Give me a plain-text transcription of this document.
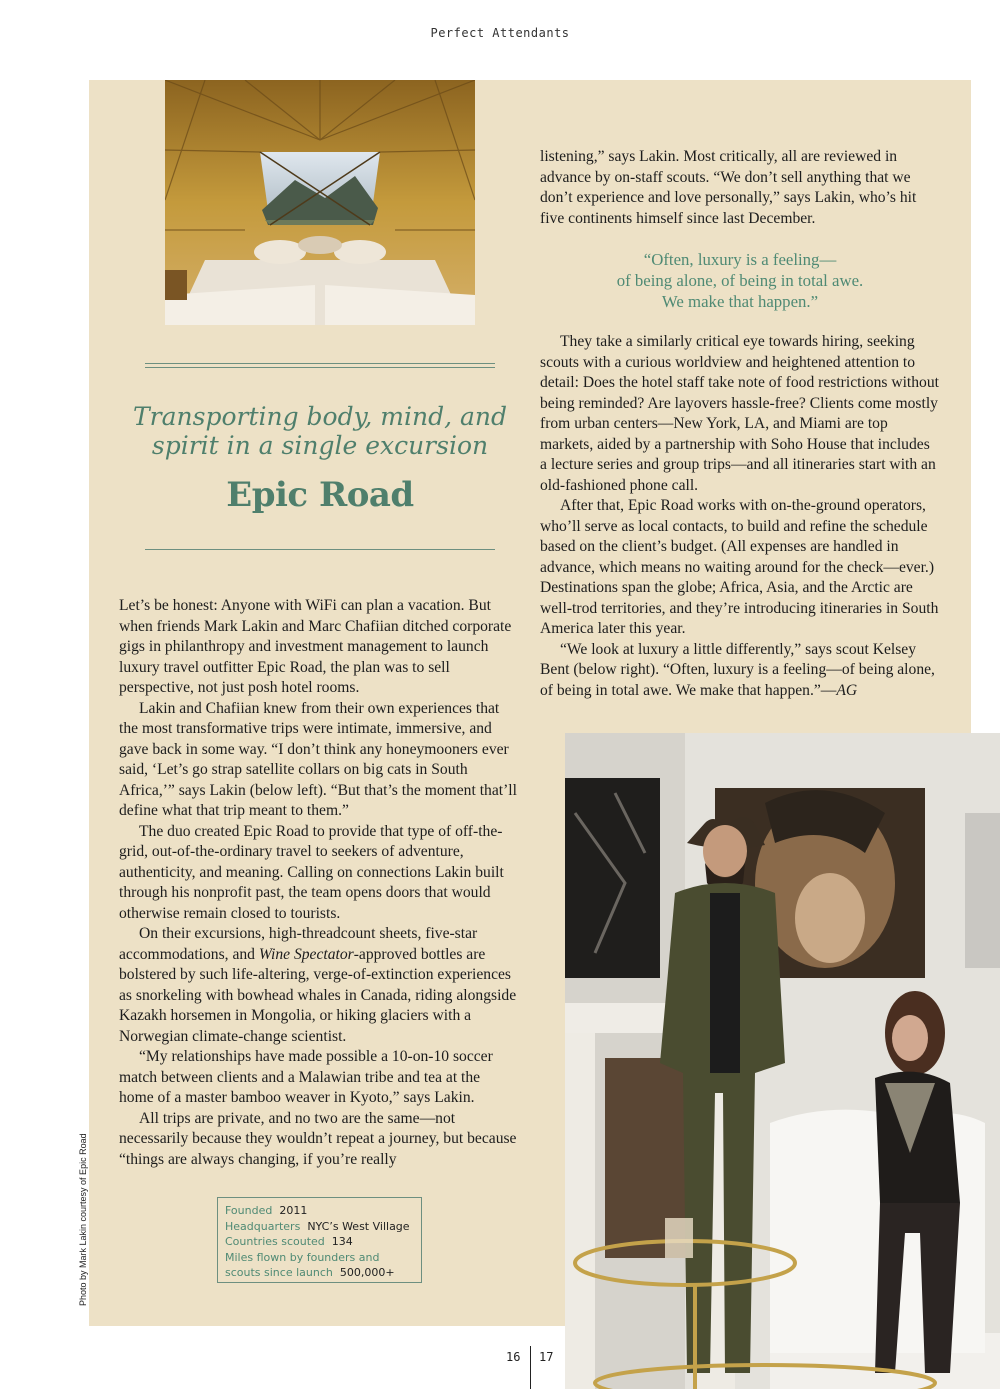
Perfect Attendants
Transporting body, mind, and spirit in a single excursion
Epic Road

Let’s be honest: Anyone with WiFi can plan a vacation. But when friends Mark Lakin and Marc Chafiian ditched corporate gigs in philanthropy and investment management to launch luxury travel outfitter Epic Road, the plan was to sell perspective, not just posh hotel rooms.

Lakin and Chafiian knew from their own experiences that the most transformative trips were intimate, immersive, and gave back in some way. “I don’t think any honeymooners ever said, ‘Let’s go strap satellite collars on big cats in South Africa,’” says Lakin (below left). “But that’s the moment that’ll define what that trip meant to them.”

The duo created Epic Road to provide that type of off-the-grid, out-of-the-ordinary travel to seekers of adventure, authenticity, and meaning. Calling on connections Lakin built through his nonprofit past, the team opens doors that would otherwise remain closed to tourists.

On their excursions, high-threadcount sheets, five-star accommodations, and Wine Spectator-approved bottles are bolstered by such life-altering, verge-of-extinction experiences as snorkeling with bowhead whales in Canada, riding alongside Kazakh horsemen in Mongolia, or hiking glaciers with a Norwegian climate-change scientist.

“My relationships have made possible a 10-on-10 soccer match between clients and a Malawian tribe and tea at the home of a master bamboo weaver in Kyoto,” says Lakin.

All trips are private, and no two are the same—not necessarily because they wouldn’t repeat a journey, but because “things are always changing, if you’re really

listening,” says Lakin. Most critically, all are reviewed in advance by on-staff scouts. “We don’t sell anything that we don’t experience and love personally,” says Lakin, who’s hit five continents himself since last December.

“Often, luxury is a feeling—
of being alone, of being in total awe.
We make that happen.”

They take a similarly critical eye towards hiring, seeking scouts with a curious worldview and heightened attention to detail: Does the hotel staff take note of food restrictions without being reminded? Are layovers hassle-free? Clients come mostly from urban centers—New York, LA, and Miami are top markets, aided by a partnership with Soho House that includes a lecture series and group trips—and all itineraries start with an old-fashioned phone call.

After that, Epic Road works with on-the-ground operators, who’ll serve as local contacts, to build and refine the schedule based on the client’s budget. (All expenses are handled in advance, which means no waiting around for the check—ever.) Destinations span the globe; Africa, Asia, and the Arctic are well-trod territories, and they’re introducing itineraries in South America later this year.

“We look at luxury a little differently,” says scout Kelsey Bent (below right). “Often, luxury is a feeling—of being alone, of being in total awe. We make that happen.”—AG

Founded 2011
Headquarters NYC’s West Village
Countries scouted 134
Miles flown by founders and scouts since launch 500,000+
Photo by Mark Lakin courtesy of Epic Road
16 17
